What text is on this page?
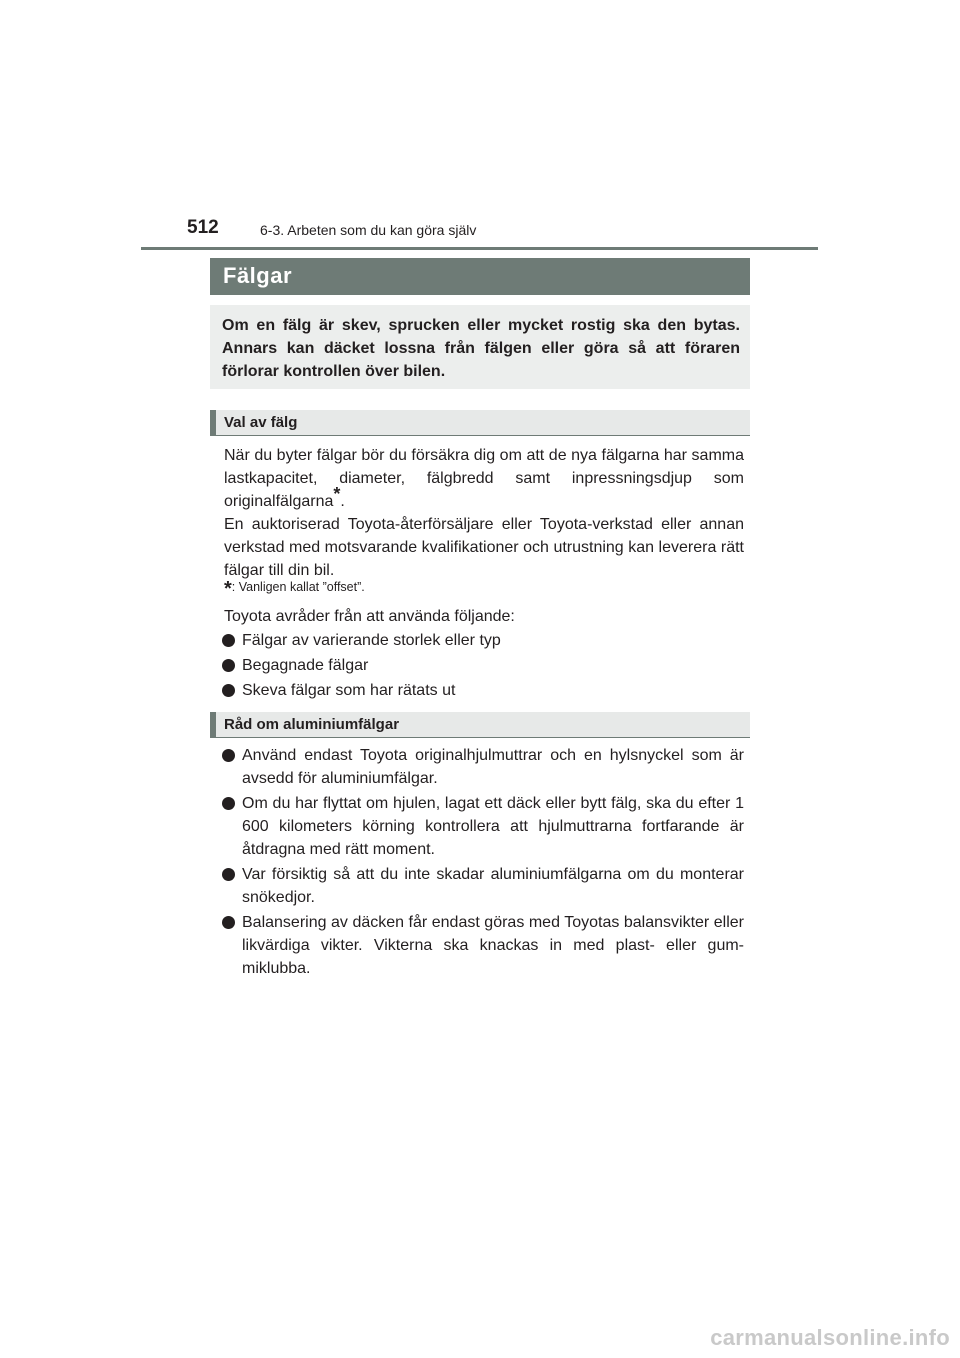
512	6-3. Arbeten som du kan göra själv
Fälgar

Om en fälg är skev, sprucken eller mycket rostig ska den bytas. Annars kan däcket lossna från fälgen eller göra så att föraren förlorar kontrollen över bilen.

Val av fälg

När du byter fälgar bör du försäkra dig om att de nya fälgarna har samma lastkapacitet, diameter, fälgbredd samt inpressningsdjup som originalfälgarna*.

En auktoriserad Toyota-återförsäljare eller Toyota-verkstad eller annan verkstad med motsvarande kvalifikationer och utrustning kan leverera rätt fälgar till din bil.

*: Vanligen kallat ”offset”.

Toyota avråder från att använda följande:

Fälgar av varierande storlek eller typ
Begagnade fälgar
Skeva fälgar som har rätats ut
Råd om aluminiumfälgar
Använd endast Toyota originalhjulmuttrar och en hylsnyckel som är avsedd för aluminiumfälgar.
Om du har flyttat om hjulen, lagat ett däck eller bytt fälg, ska du efter 1 600 kilometers körning kontrollera att hjulmuttrarna fortfarande är åtdragna med rätt moment.
Var försiktig så att du inte skadar aluminiumfälgarna om du monterar snökedjor.
Balansering av däcken får endast göras med Toyotas balansvikter eller likvärdiga vikter. Vikterna ska knackas in med plast- eller gummiklubba.
carmanualsonline.info
